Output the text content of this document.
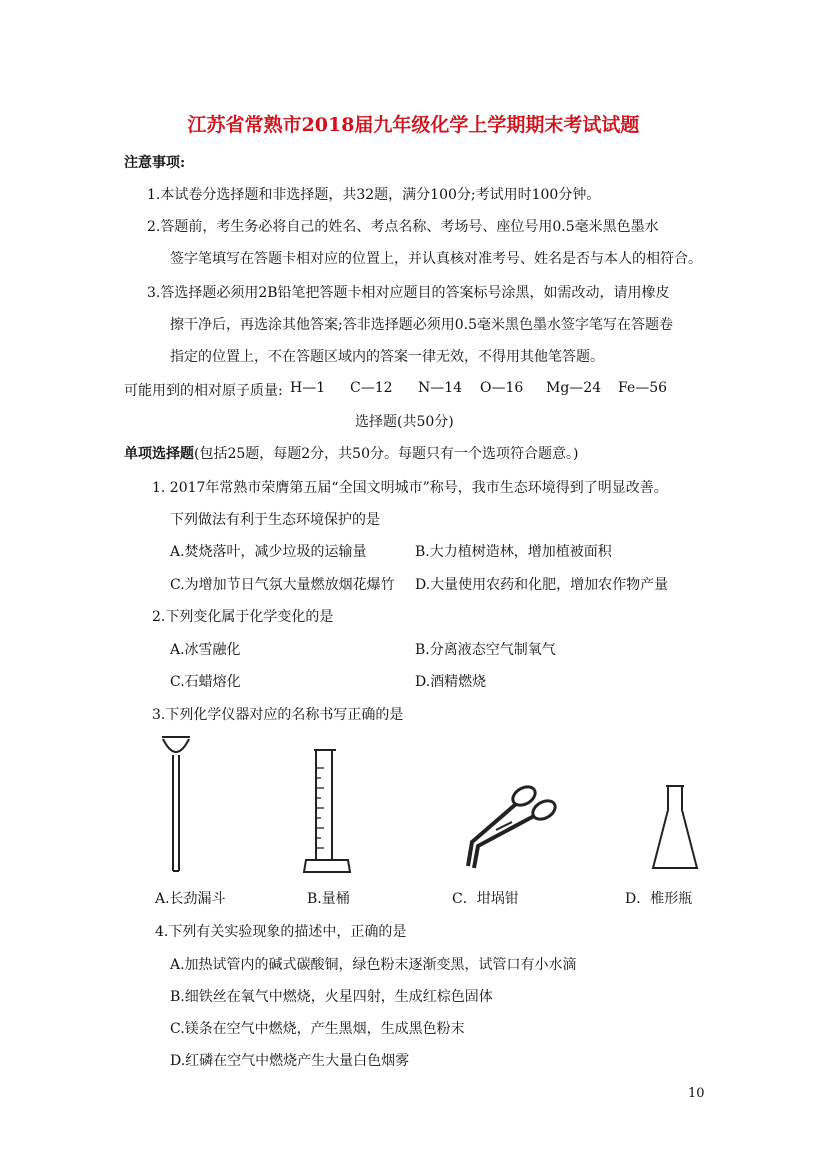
江苏省常熟市2018届九年级化学上学期期末考试试题
注意事项:
1.本试卷分选择题和非选择题，共32题，满分100分;考试用时100分钟。
2.答题前，考生务必将自己的姓名、考点名称、考场号、座位号用0.5毫米黑色墨水
签字笔填写在答题卡相对应的位置上，并认真核对准考号、姓名是否与本人的相符合。
3.答选择题必须用2B铅笔把答题卡相对应题目的答案标号涂黑，如需改动，请用橡皮
擦干净后，再选涂其他答案;答非选择题必须用0.5毫米黑色墨水签字笔写在答题卷
指定的位置上，不在答题区域内的答案一律无效，不得用其他笔答题。
可能用到的相对原子质量: H—1 C—12 N—14 O—16 Mg—24 Fe—56
选择题(共50分)
单项选择题(包括25题，每题2分，共50分。每题只有一个选项符合题意。)
1. 2017年常熟市荣膺第五届“全国文明城市”称号，我市生态环境得到了明显改善。
下列做法有利于生态环境保护的是
A.焚烧落叶，减少垃圾的运输量	B.大力植树造林，增加植被面积
C.为增加节日气氛大量燃放烟花爆竹 D.大量使用农药和化肥，增加农作物产量
2.下列变化属于化学变化的是
A.冰雪融化	B.分离液态空气制氧气
C.石蜡熔化	D.酒精燃烧
3.下列化学仪器对应的名称书写正确的是
A.长劲漏斗	B.量桶	C．坩埚钳	D．椎形瓶
4.下列有关实验现象的描述中，正确的是
A.加热试管内的碱式碳酸铜，绿色粉末逐渐变黑，试管口有小水滴
B.细铁丝在氧气中燃烧，火星四射，生成红棕色固体
C.镁条在空气中燃烧，产生黑烟，生成黑色粉末
D.红磷在空气中燃烧产生大量白色烟雾
10
